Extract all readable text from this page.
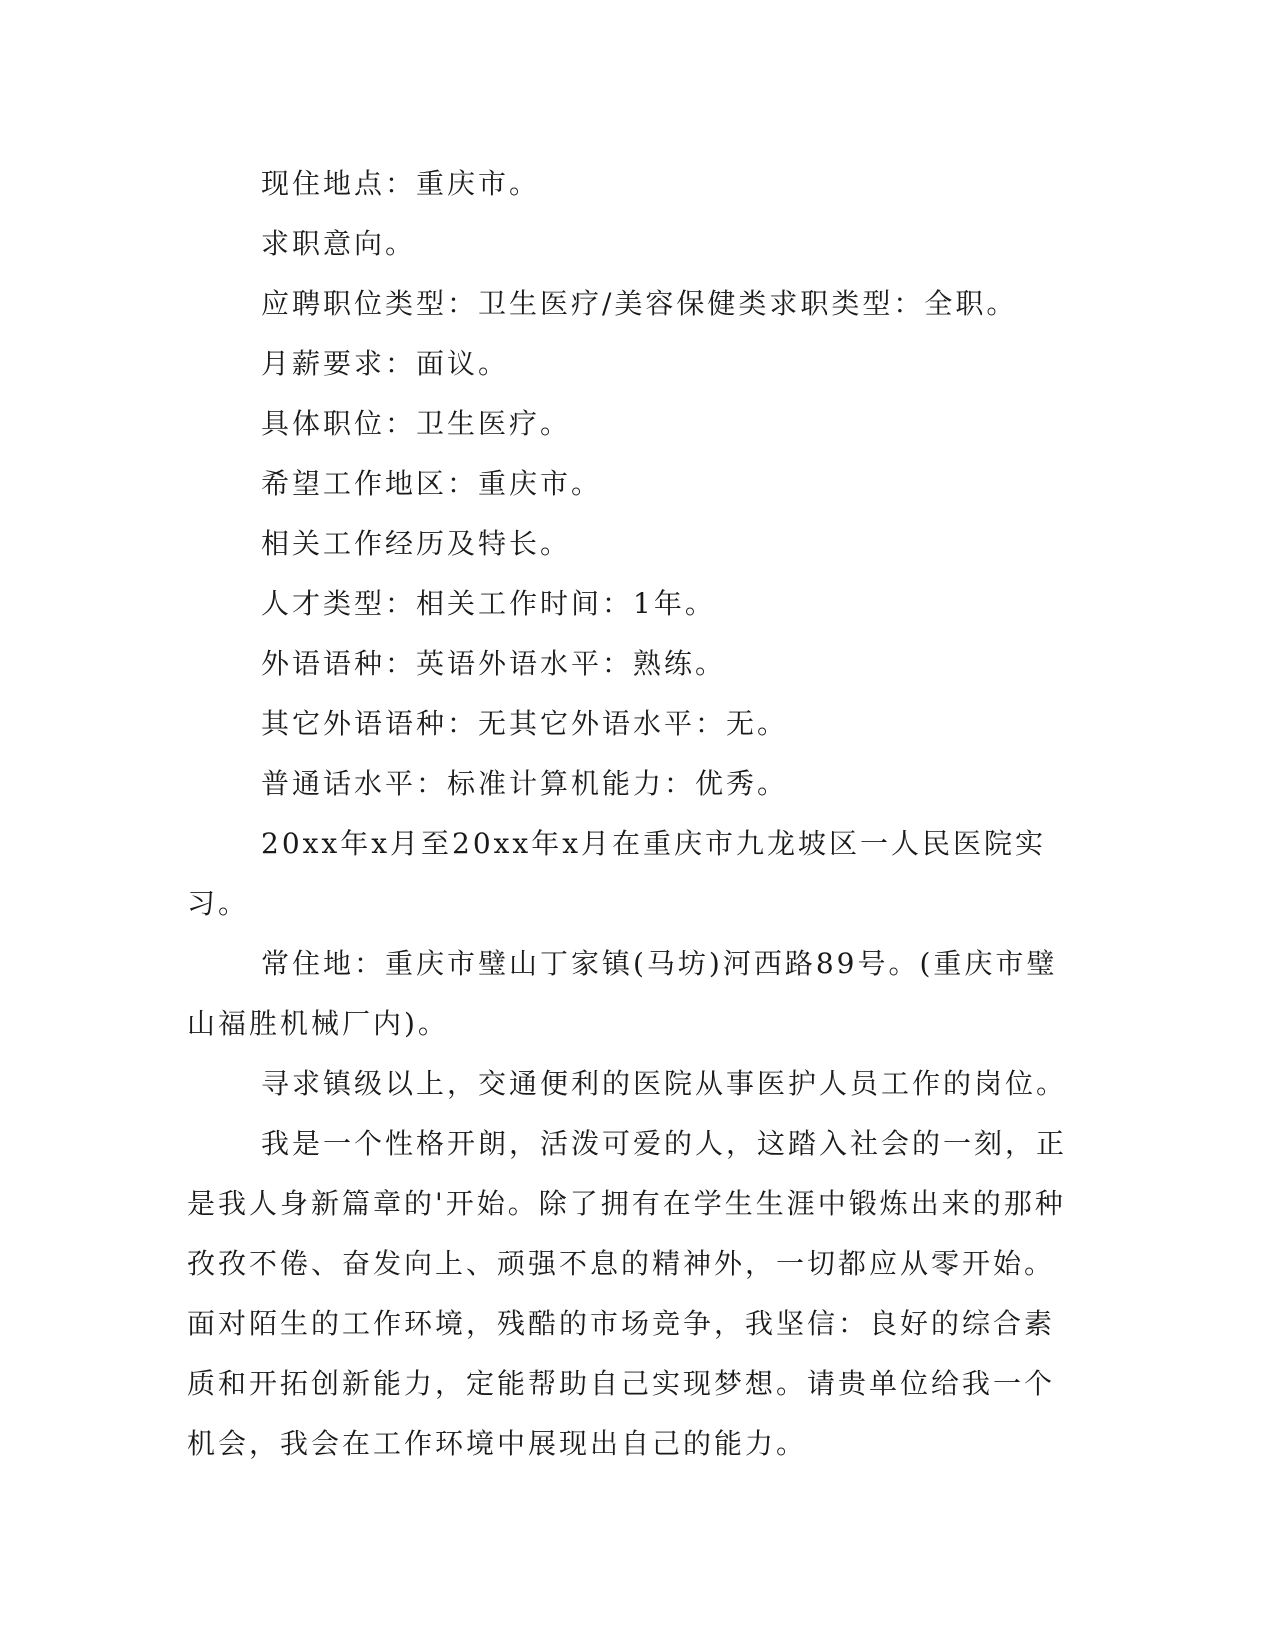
现住地点：重庆市。

求职意向。

应聘职位类型：卫生医疗/美容保健类求职类型：全职。

月薪要求：面议。

具体职位：卫生医疗。

希望工作地区：重庆市。

相关工作经历及特长。

人才类型：相关工作时间：1年。

外语语种：英语外语水平：熟练。

其它外语语种：无其它外语水平：无。

普通话水平：标准计算机能力：优秀。

20xx年x月至20xx年x月在重庆市九龙坡区一人民医院实习。

常住地：重庆市璧山丁家镇(马坊)河西路89号。(重庆市璧山福胜机械厂内)。

寻求镇级以上，交通便利的医院从事医护人员工作的岗位。

我是一个性格开朗，活泼可爱的人，这踏入社会的一刻，正是我人身新篇章的'开始。除了拥有在学生生涯中锻炼出来的那种孜孜不倦、奋发向上、顽强不息的精神外，一切都应从零开始。面对陌生的工作环境，残酷的市场竞争，我坚信：良好的综合素质和开拓创新能力，定能帮助自己实现梦想。请贵单位给我一个机会，我会在工作环境中展现出自己的能力。
